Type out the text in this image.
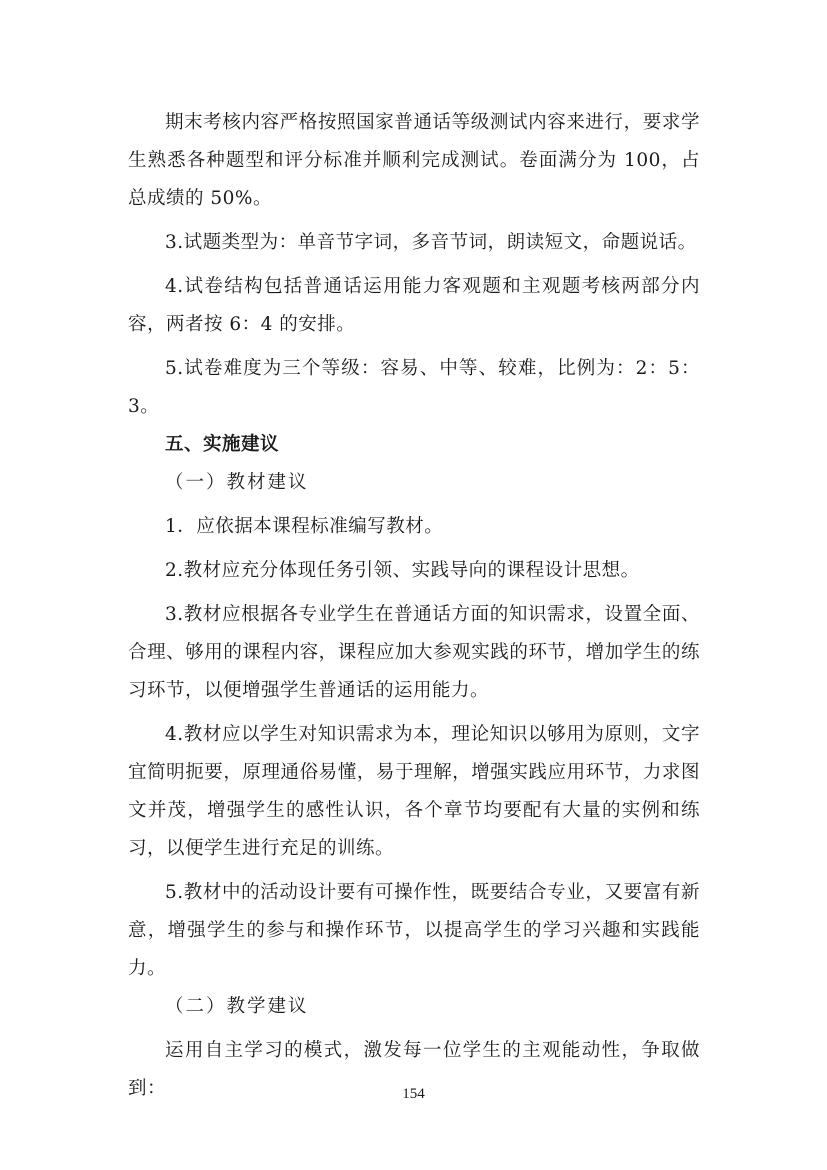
期末考核内容严格按照国家普通话等级测试内容来进行，要求学生熟悉各种题型和评分标准并顺利完成测试。卷面满分为 100，占总成绩的 50%。

3.试题类型为：单音节字词，多音节词，朗读短文，命题说话。

4.试卷结构包括普通话运用能力客观题和主观题考核两部分内容，两者按 6：4 的安排。

5.试卷难度为三个等级：容易、中等、较难，比例为：2：5：3。

五、实施建议

（一）教材建议

1．应依据本课程标准编写教材。

2.教材应充分体现任务引领、实践导向的课程设计思想。

3.教材应根据各专业学生在普通话方面的知识需求，设置全面、合理、够用的课程内容，课程应加大参观实践的环节，增加学生的练习环节，以便增强学生普通话的运用能力。

4.教材应以学生对知识需求为本，理论知识以够用为原则，文字宜简明扼要，原理通俗易懂，易于理解，增强实践应用环节，力求图文并茂，增强学生的感性认识，各个章节均要配有大量的实例和练习，以便学生进行充足的训练。

5.教材中的活动设计要有可操作性，既要结合专业，又要富有新意，增强学生的参与和操作环节，以提高学生的学习兴趣和实践能力。

（二）教学建议

运用自主学习的模式，激发每一位学生的主观能动性，争取做到：	154
